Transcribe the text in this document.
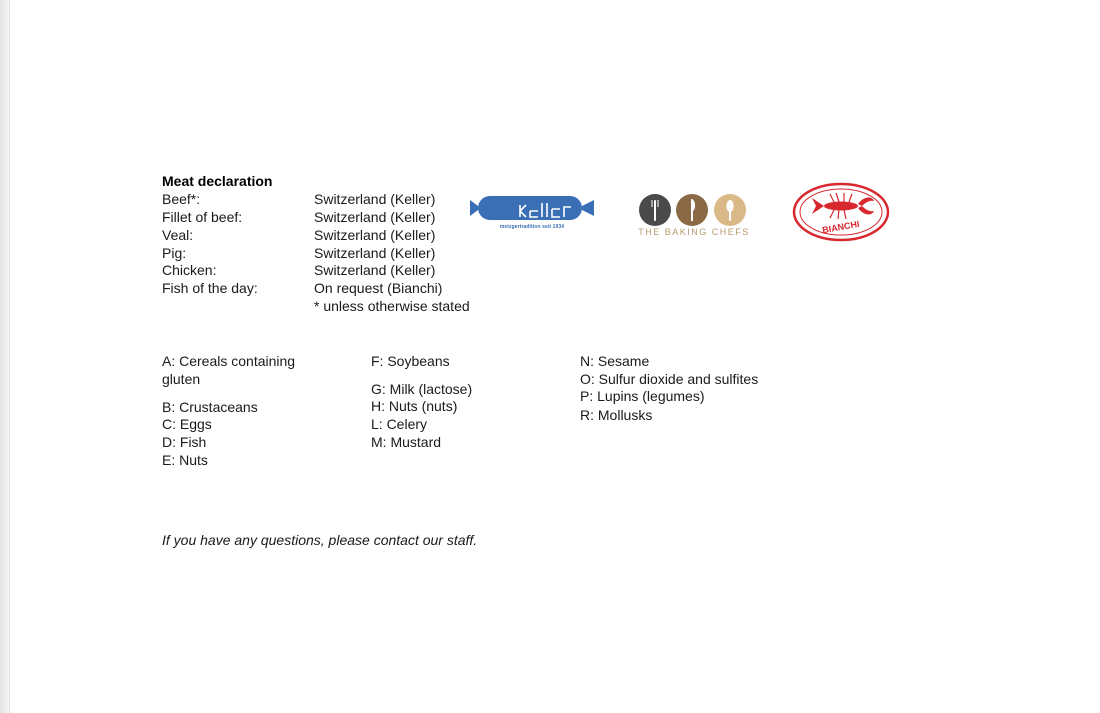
Meat declaration
Beef*:	Switzerland (Keller)
Fillet of beef:	Switzerland (Keller)
Veal:	Switzerland (Keller)
Pig:	Switzerland (Keller)
Chicken:	Switzerland (Keller)
Fish of the day:	On request (Bianchi)
* unless otherwise stated
metzgertradition seit 1934	THE BAKING CHEFS	BIANCHI
A: Cereals containing
gluten
B: Crustaceans
C: Eggs
D: Fish
E: Nuts
F: Soybeans
G: Milk (lactose)
H: Nuts (nuts)
L: Celery
M: Mustard
N: Sesame
O: Sulfur dioxide and sulfites
P: Lupins (legumes)
R: Mollusks
If you have any questions, please contact our staff.
